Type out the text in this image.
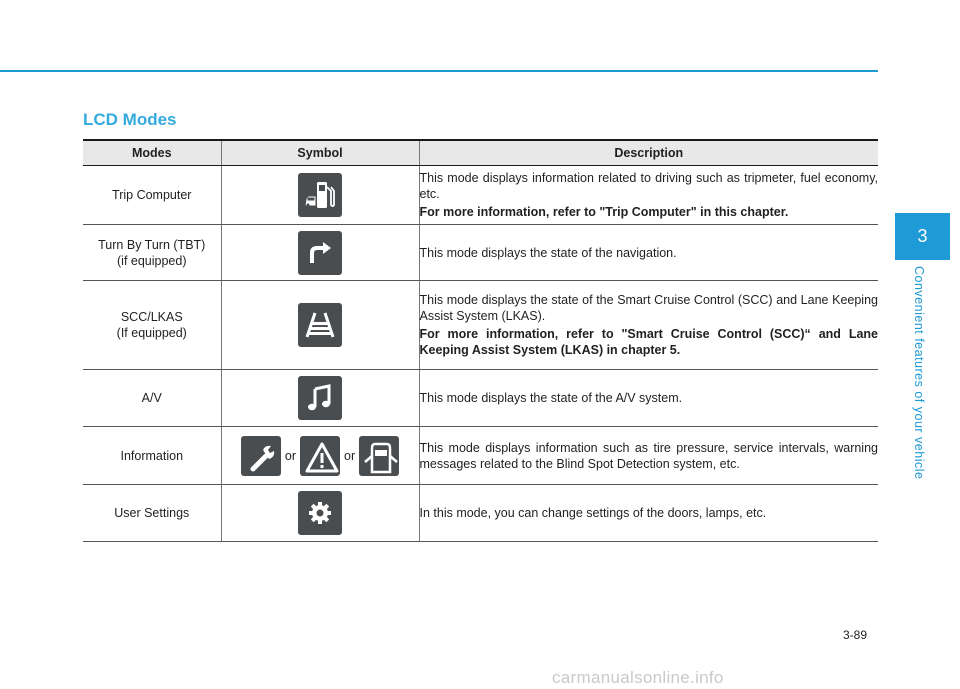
LCD Modes
3
Convenient features of your vehicle
Modes	Symbol	Description
Trip Computer		This mode displays information related to driving such as tripmeter, fuel economy, etc.
For more information, refer to "Trip Computer" in this chapter.

Turn By Turn (TBT)
(if equipped)		This mode displays the state of the navigation.
SCC/LKAS
(If equipped)		This mode displays the state of the Smart Cruise Control (SCC) and Lane Keeping Assist System (LKAS).
For more information, refer to "Smart Cruise Control (SCC)“ and Lane Keeping Assist System (LKAS) in chapter 5.

A/V		This mode displays the state of the A/V system.
Information	or or	This mode displays information such as tire pressure, service intervals, warning messages related to the Blind Spot Detection system, etc.
User Settings		In this mode, you can change settings of the doors, lamps, etc.
3-89
carmanualsonline.info
